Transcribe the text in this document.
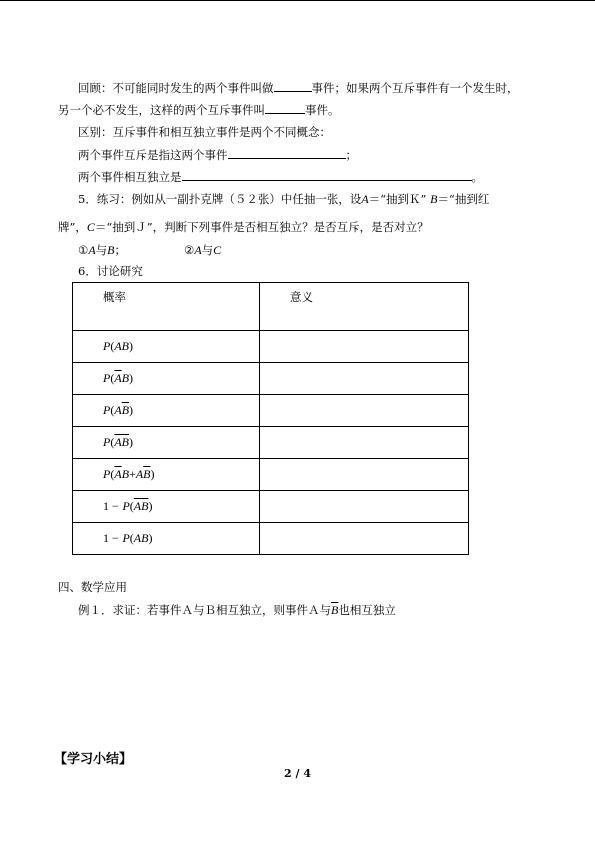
回顾：不可能同时发生的两个事件叫做	事件；如果两个互斥事件有一个发生时，
另一个必不发生，这样的两个互斥事件叫	事件。
区别：互斥事件和相互独立事件是两个不同概念：
两个事件互斥是指这两个事件	；
两个事件相互独立是	。
5．练习：例如从一副扑克牌（５２张）中任抽一张，设A＝“抽到Ｋ” B＝“抽到红
牌”，C＝“抽到Ｊ”，判断下列事件是否相互独立？是否互斥，是否对立？
①A与B；	②A与C
6．讨论研究
概率	意义
P(AB)	
$P(\overline{A}B)$	
$P(A\overline{B})$	
$P(\overline{AB})$	
$P(\overline{A}B+A\overline{B})$	
$1 - P(\overline{AB})$	
1 − P(AB)	
四、数学应用
例１．求证：若事件Ａ与Ｂ相互独立，则事件Ａ与$\overline{B}$也相互独立
【学习小结】
2 / 4
